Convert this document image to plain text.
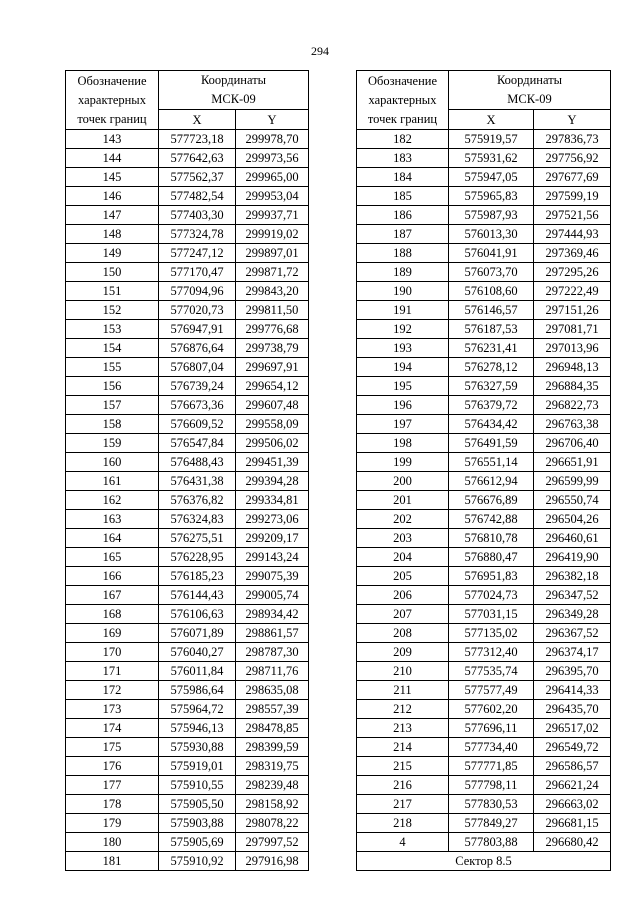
294
Обозначение
характерных
точек границ	Координаты
МСК-09	
	X	Y
143	577723,18	299978,70
144	577642,63	299973,56
145	577562,37	299965,00
146	577482,54	299953,04
147	577403,30	299937,71
148	577324,78	299919,02
149	577247,12	299897,01
150	577170,47	299871,72
151	577094,96	299843,20
152	577020,73	299811,50
153	576947,91	299776,68
154	576876,64	299738,79
155	576807,04	299697,91
156	576739,24	299654,12
157	576673,36	299607,48
158	576609,52	299558,09
159	576547,84	299506,02
160	576488,43	299451,39
161	576431,38	299394,28
162	576376,82	299334,81
163	576324,83	299273,06
164	576275,51	299209,17
165	576228,95	299143,24
166	576185,23	299075,39
167	576144,43	299005,74
168	576106,63	298934,42
169	576071,89	298861,57
170	576040,27	298787,30
171	576011,84	298711,76
172	575986,64	298635,08
173	575964,72	298557,39
174	575946,13	298478,85
175	575930,88	298399,59
176	575919,01	298319,75
177	575910,55	298239,48
178	575905,50	298158,92
179	575903,88	298078,22
180	575905,69	297997,52
181	575910,92	297916,98
Обозначение
характерных
точек границ	Координаты
МСК-09	
	X	Y
182	575919,57	297836,73
183	575931,62	297756,92
184	575947,05	297677,69
185	575965,83	297599,19
186	575987,93	297521,56
187	576013,30	297444,93
188	576041,91	297369,46
189	576073,70	297295,26
190	576108,60	297222,49
191	576146,57	297151,26
192	576187,53	297081,71
193	576231,41	297013,96
194	576278,12	296948,13
195	576327,59	296884,35
196	576379,72	296822,73
197	576434,42	296763,38
198	576491,59	296706,40
199	576551,14	296651,91
200	576612,94	296599,99
201	576676,89	296550,74
202	576742,88	296504,26
203	576810,78	296460,61
204	576880,47	296419,90
205	576951,83	296382,18
206	577024,73	296347,52
207	577031,15	296349,28
208	577135,02	296367,52
209	577312,40	296374,17
210	577535,74	296395,70
211	577577,49	296414,33
212	577602,20	296435,70
213	577696,11	296517,02
214	577734,40	296549,72
215	577771,85	296586,57
216	577798,11	296621,24
217	577830,53	296663,02
218	577849,27	296681,15
4	577803,88	296680,42
Сектор 8.5		
